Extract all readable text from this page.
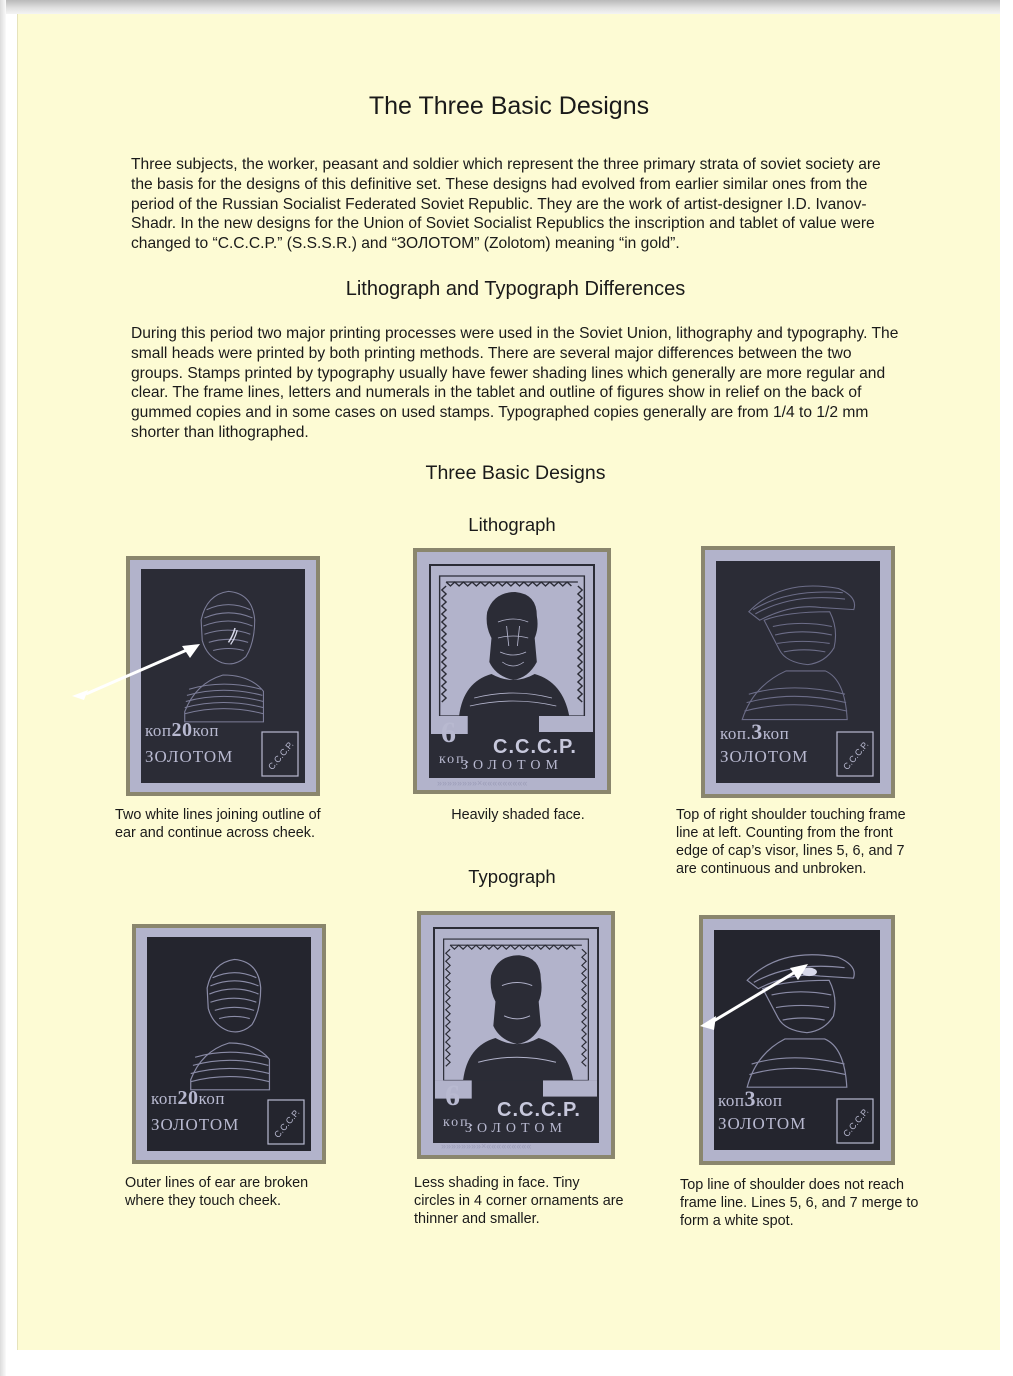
The Three Basic Designs
Three subjects, the worker, peasant and soldier which represent the three primary strata of soviet society are the basis for the designs of this definitive set. These designs had evolved from earlier similar ones from the period of the Russian Socialist Federated Soviet Republic. They are the work of artist-designer I.D. Ivanov-Shadr. In the new designs for the Union of Soviet Socialist Republics the inscription and tablet of value were changed to “C.C.C.P.” (S.S.S.R.) and “ЗОЛОТОМ” (Zolotom) meaning “in gold”.
Lithograph and Typograph Differences
During this period two major printing processes were used in the Soviet Union, lithography and typography. The small heads were printed by both printing methods. There are several major differences between the two groups. Stamps printed by typography usually have fewer shading lines which generally are more regular and clear. The frame lines, letters and numerals in the tablet and outline of figures show in relief on the back of gummed copies and in some cases on used stamps. Typographed copies generally are from 1/4 to 1/2 mm shorter than lithographed.
Three Basic Designs
Lithograph
коп20коп
ЗОЛОТОМ	С.С.С.Р.
Two white lines joining outline of ear and continue across cheek.
6
коп.
С.С.С.Р.
ЗОЛОТОМ
»»»»»»»»×«««««««««
Heavily shaded face.
коп.3коп
ЗОЛОТОМ	С.С.С.Р.
Top of right shoulder touching frame line at left. Counting from the front edge of cap’s visor, lines 5, 6, and 7 are continuous and unbroken.
Typograph
коп20коп
ЗОЛОТОМ	С.С.С.Р.
Outer lines of ear are broken where they touch cheek.
6
коп.
С.С.С.Р.
ЗОЛОТОМ
»»»»»»»»×«««««««««
Less shading in face. Tiny circles in 4 corner ornaments are thinner and smaller.
коп3коп
ЗОЛОТОМ	С.С.С.Р.
Top line of shoulder does not reach frame line. Lines 5, 6, and 7 merge to form a white spot.
